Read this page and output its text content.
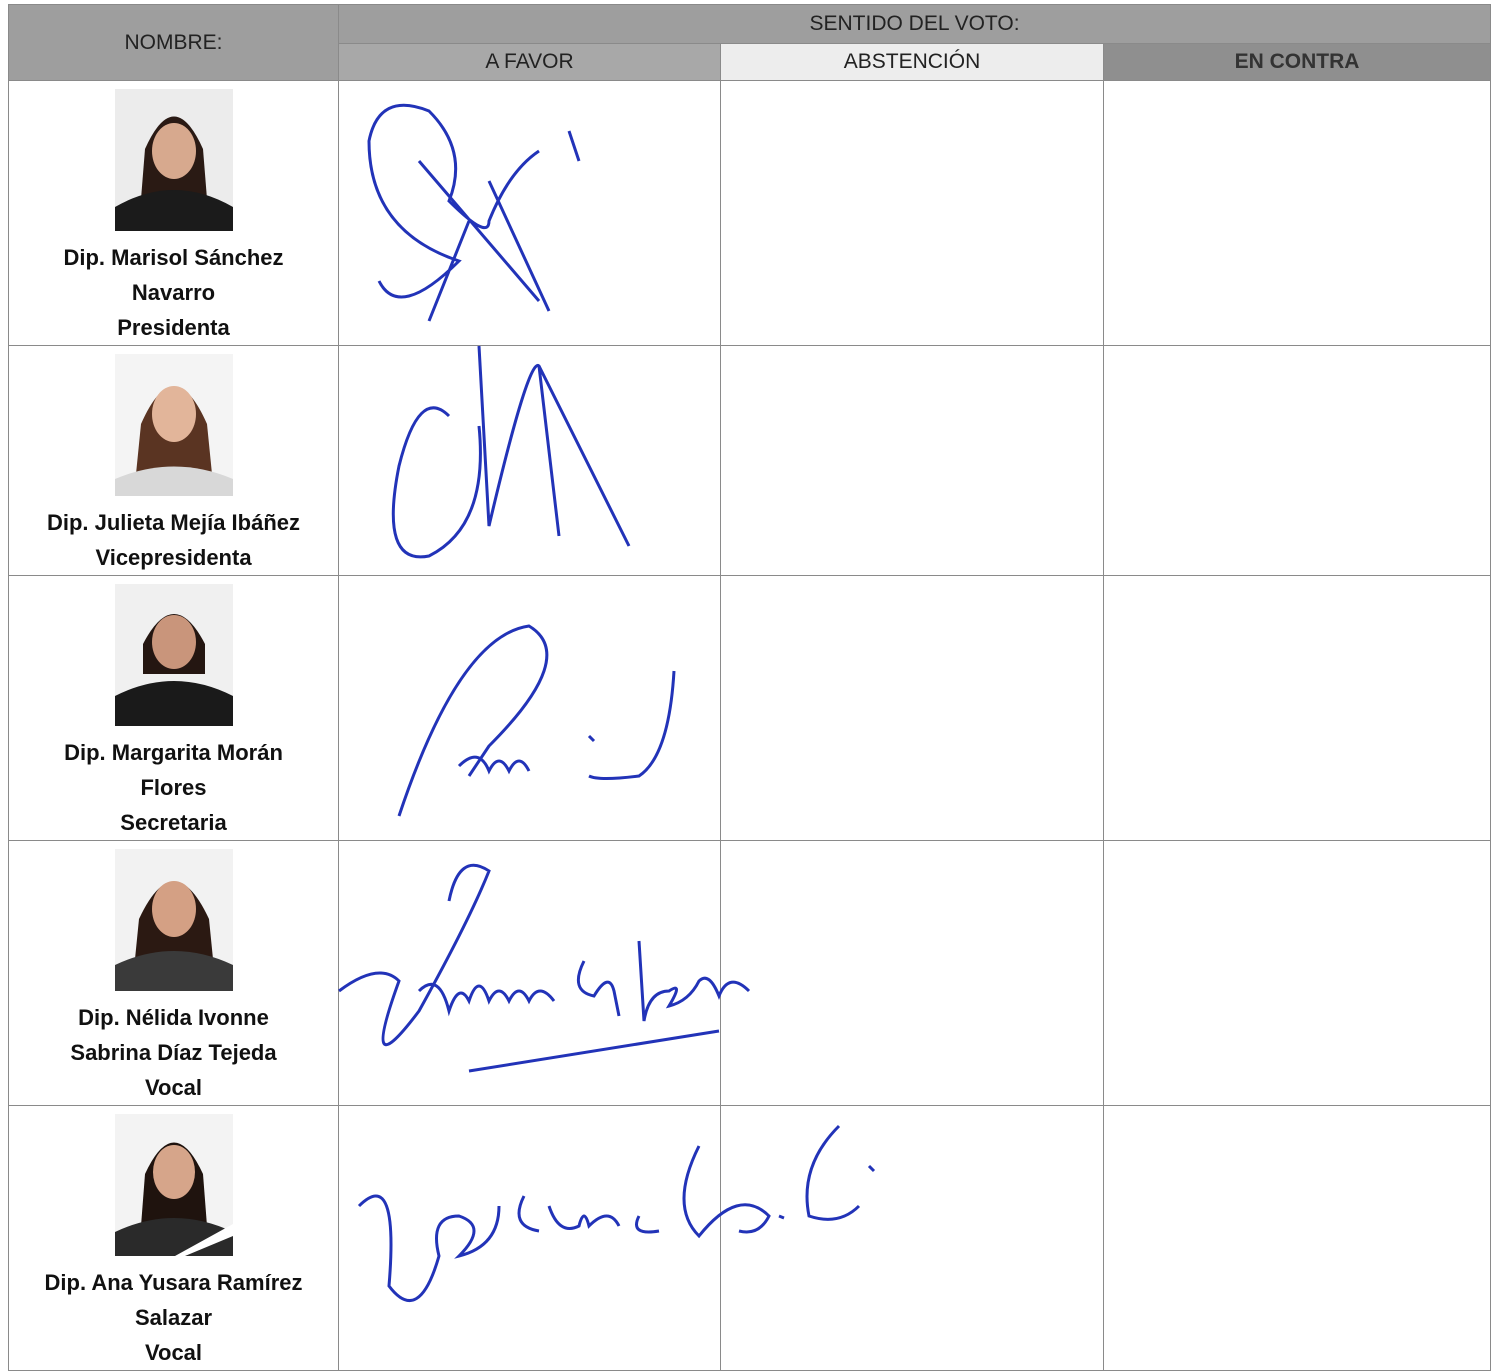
NOMBRE:	SENTIDO DEL VOTO:		
	A FAVOR	ABSTENCIÓN	EN CONTRA

Dip. Marisol Sánchez
Navarro
Presidenta

Dip. Julieta Mejía Ibáñez
Vicepresidenta

Dip. Margarita Morán
Flores
Secretaria

Dip. Nélida Ivonne
Sabrina Díaz Tejeda
Vocal

Dip. Ana Yusara Ramírez
Salazar
Vocal
